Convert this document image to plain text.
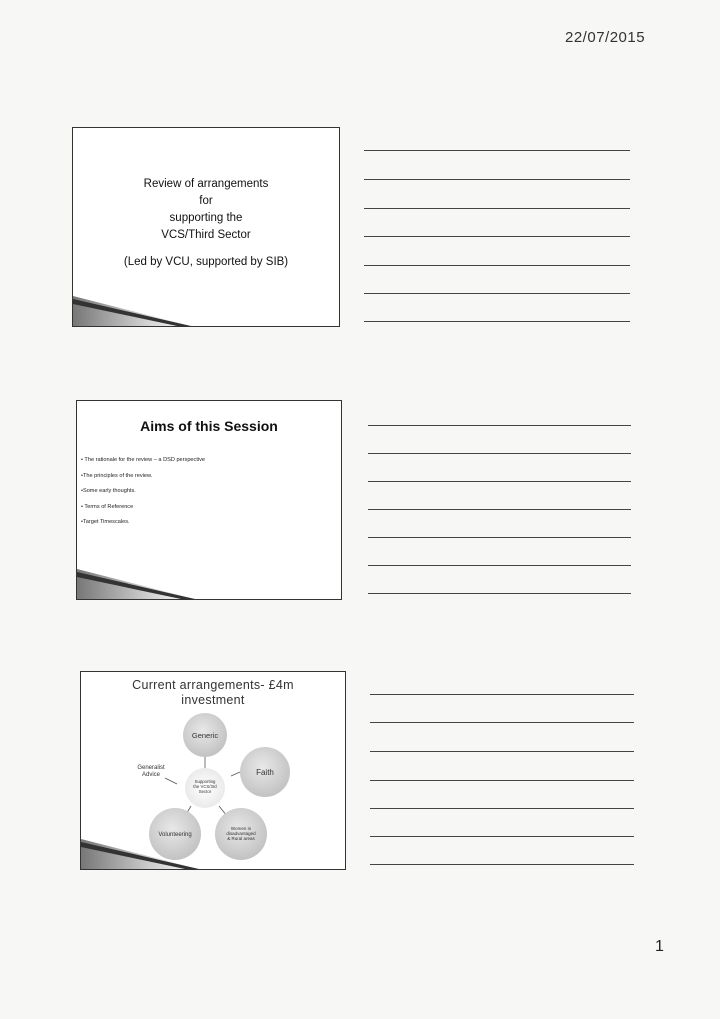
22/07/2015
Review of arrangements
for
supporting the
VCS/Third Sector
(Led by VCU, supported by SIB)
Aims of this Session
• The rationale for the review – a DSD perspective
•The principles of the review.
•Some early thoughts.
• Terms of Reference
•Target Timescales.
Current arrangements- £4m
investment
Generic
Faith
Volunteering
Women in
disadvantaged
& Rural areas
Supporting
the VCS/3rd
Sector
Generalist
Advice
1
